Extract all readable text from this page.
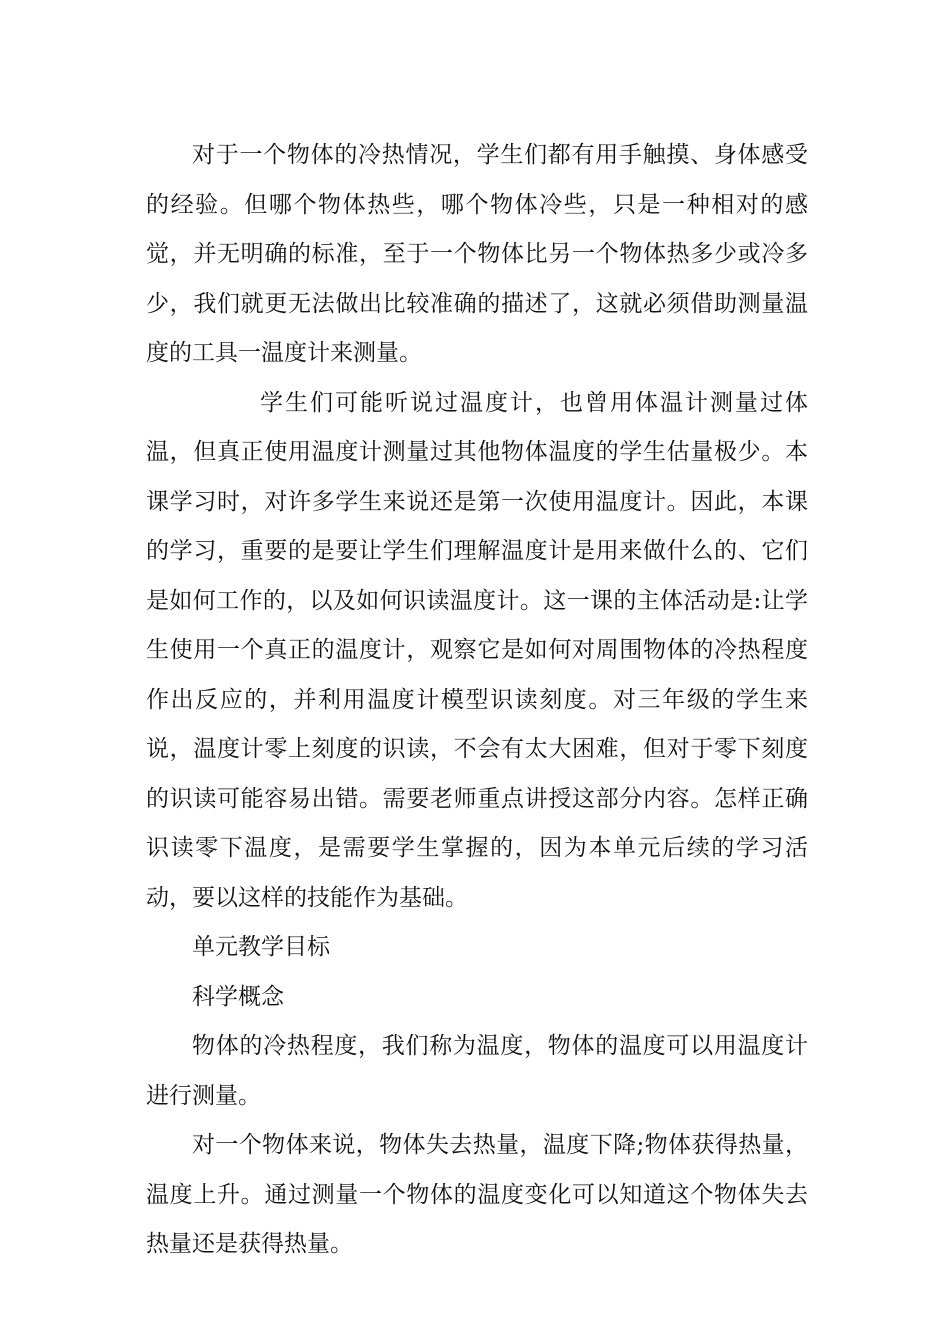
对于一个物体的冷热情况，学生们都有用手触摸、身体感受的经验。但哪个物体热些，哪个物体冷些，只是一种相对的感觉，并无明确的标准，至于一个物体比另一个物体热多少或冷多少，我们就更无法做出比较准确的描述了，这就必须借助测量温度的工具一温度计来测量。

学生们可能听说过温度计，也曾用体温计测量过体温，但真正使用温度计测量过其他物体温度的学生估量极少。本课学习时，对许多学生来说还是第一次使用温度计。因此，本课的学习，重要的是要让学生们理解温度计是用来做什么的、它们是如何工作的，以及如何识读温度计。这一课的主体活动是:让学生使用一个真正的温度计，观察它是如何对周围物体的冷热程度作出反应的，并利用温度计模型识读刻度。对三年级的学生来说，温度计零上刻度的识读，不会有太大困难，但对于零下刻度的识读可能容易出错。需要老师重点讲授这部分内容。怎样正确识读零下温度，是需要学生掌握的，因为本单元后续的学习活动，要以这样的技能作为基础。

单元教学目标

科学概念

物体的冷热程度，我们称为温度，物体的温度可以用温度计进行测量。

对一个物体来说，物体失去热量，温度下降;物体获得热量，温度上升。通过测量一个物体的温度变化可以知道这个物体失去热量还是获得热量。
